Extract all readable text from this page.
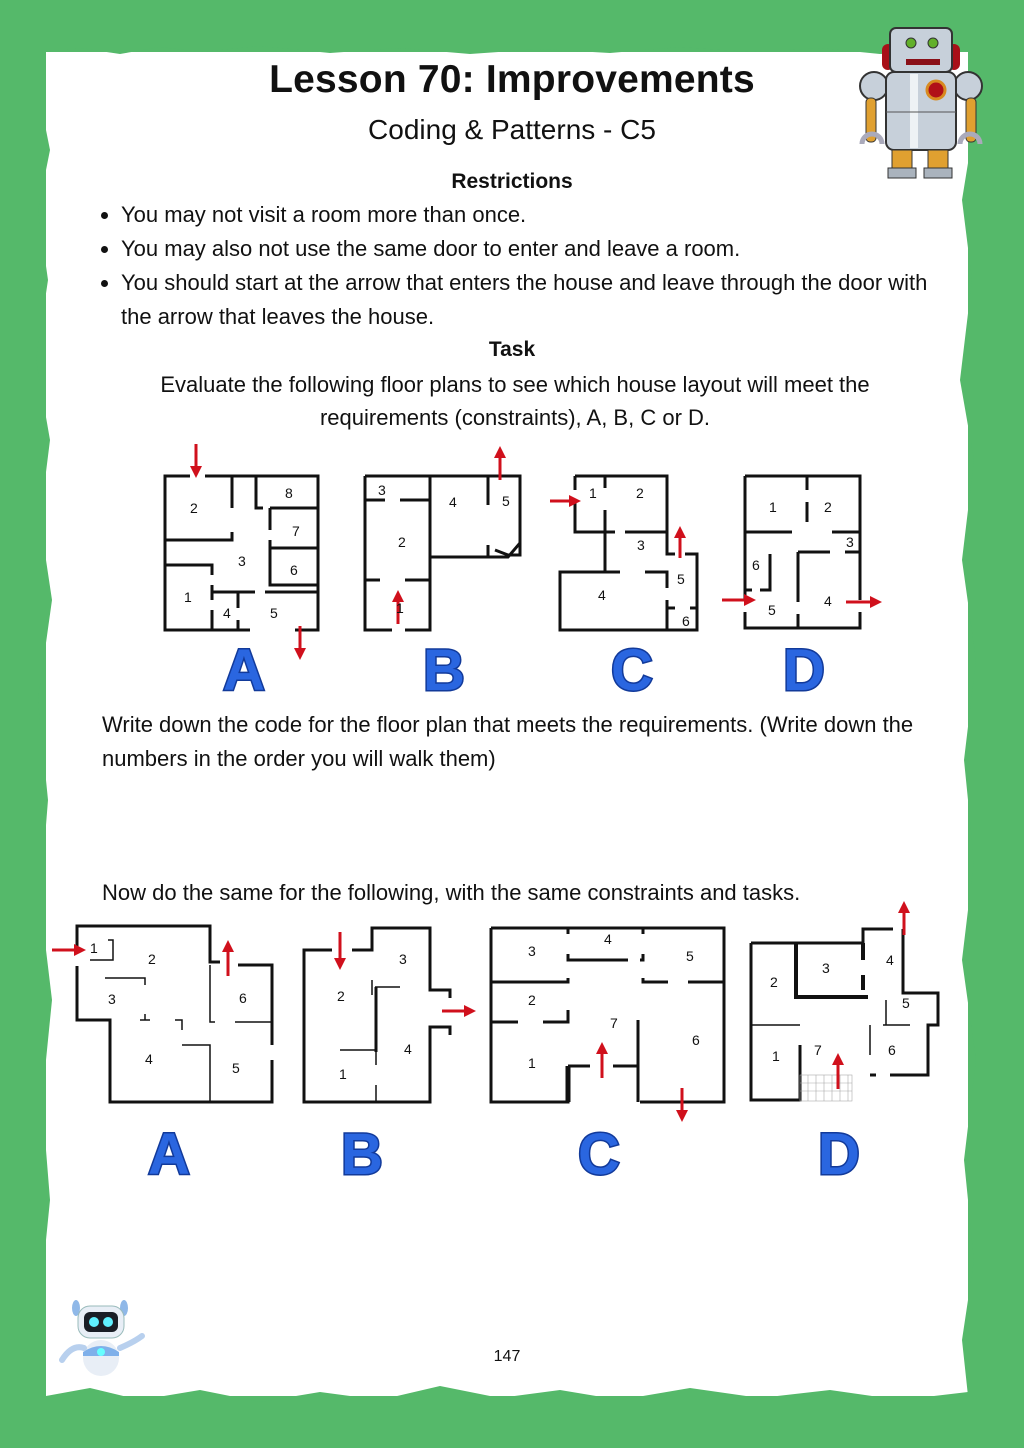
Lesson 70: Improvements
Coding & Patterns - C5
Restrictions
• You may not visit a room more than once.
• You may also not use the same door to enter and leave a room.
• You should start at the arrow that enters the house and leave through the door with the arrow that leaves the house.
Task
Evaluate the following floor plans to see which house layout will meet the requirements (constraints), A, B, C or D.
2
8
7
3
6
1
4	5
A
3
4	5
2
1
B
1	2
3
4
5
6
C
1	2
3
4
5
6
D
Write down the code for the floor plan that meets the requirements. (Write down the numbers in the order you will walk them)
Now do the same for the following, with the same constraints and tasks.
1
2
3
4
5
6
A
2
3
4
1
B
3
4
5
2
7
6
1
C
2
3	4
5
6
7
1
D
147
